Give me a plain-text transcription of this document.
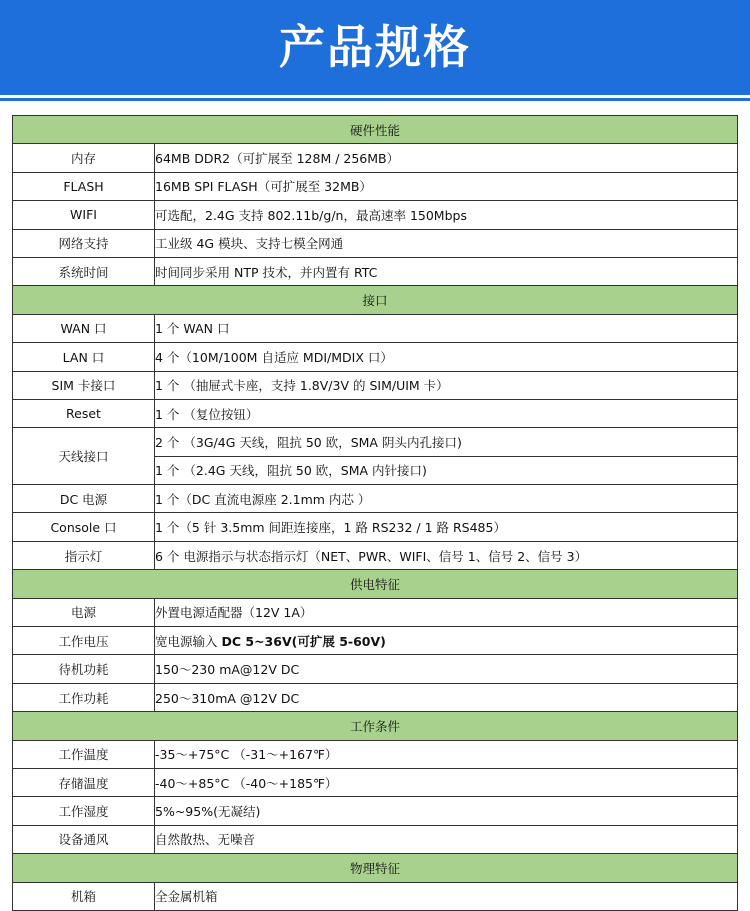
产品规格
硬件性能	
内存	64MB DDR2（可扩展至 128M / 256MB）
FLASH	16MB SPI FLASH（可扩展至 32MB）
WIFI	可选配，2.4G 支持 802.11b/g/n，最高速率 150Mbps
网络支持	工业级 4G 模块、支持七模全网通
系统时间	时间同步采用 NTP 技术，并内置有 RTC
接口	
WAN 口	1 个 WAN 口
LAN 口	4 个（10M/100M 自适应 MDI/MDIX 口）
SIM 卡接口	1 个 （抽屉式卡座，支持 1.8V/3V 的 SIM/UIM 卡）
Reset	1 个 （复位按钮）
天线接口	2 个 （3G/4G 天线，阻抗 50 欧，SMA 阴头内孔接口)
	1 个 （2.4G 天线，阻抗 50 欧，SMA 内针接口)
DC 电源	1 个（DC 直流电源座 2.1mm 内芯 ）
Console 口	1 个（5 针 3.5mm 间距连接座，1 路 RS232 / 1 路 RS485）
指示灯	6 个 电源指示与状态指示灯（NET、PWR、WIFI、信号 1、信号 2、信号 3）
供电特征	
电源	外置电源适配器（12V 1A）
工作电压	宽电源输入 DC 5~36V(可扩展 5-60V)
待机功耗	150～230 mA@12V DC
工作功耗	250～310mA @12V DC
工作条件	
工作温度	-35～+75°C （-31～+167℉）
存储温度	-40～+85°C （-40～+185℉）
工作湿度	5%~95%(无凝结)
设备通风	自然散热、无噪音
物理特征	
机箱	全金属机箱
